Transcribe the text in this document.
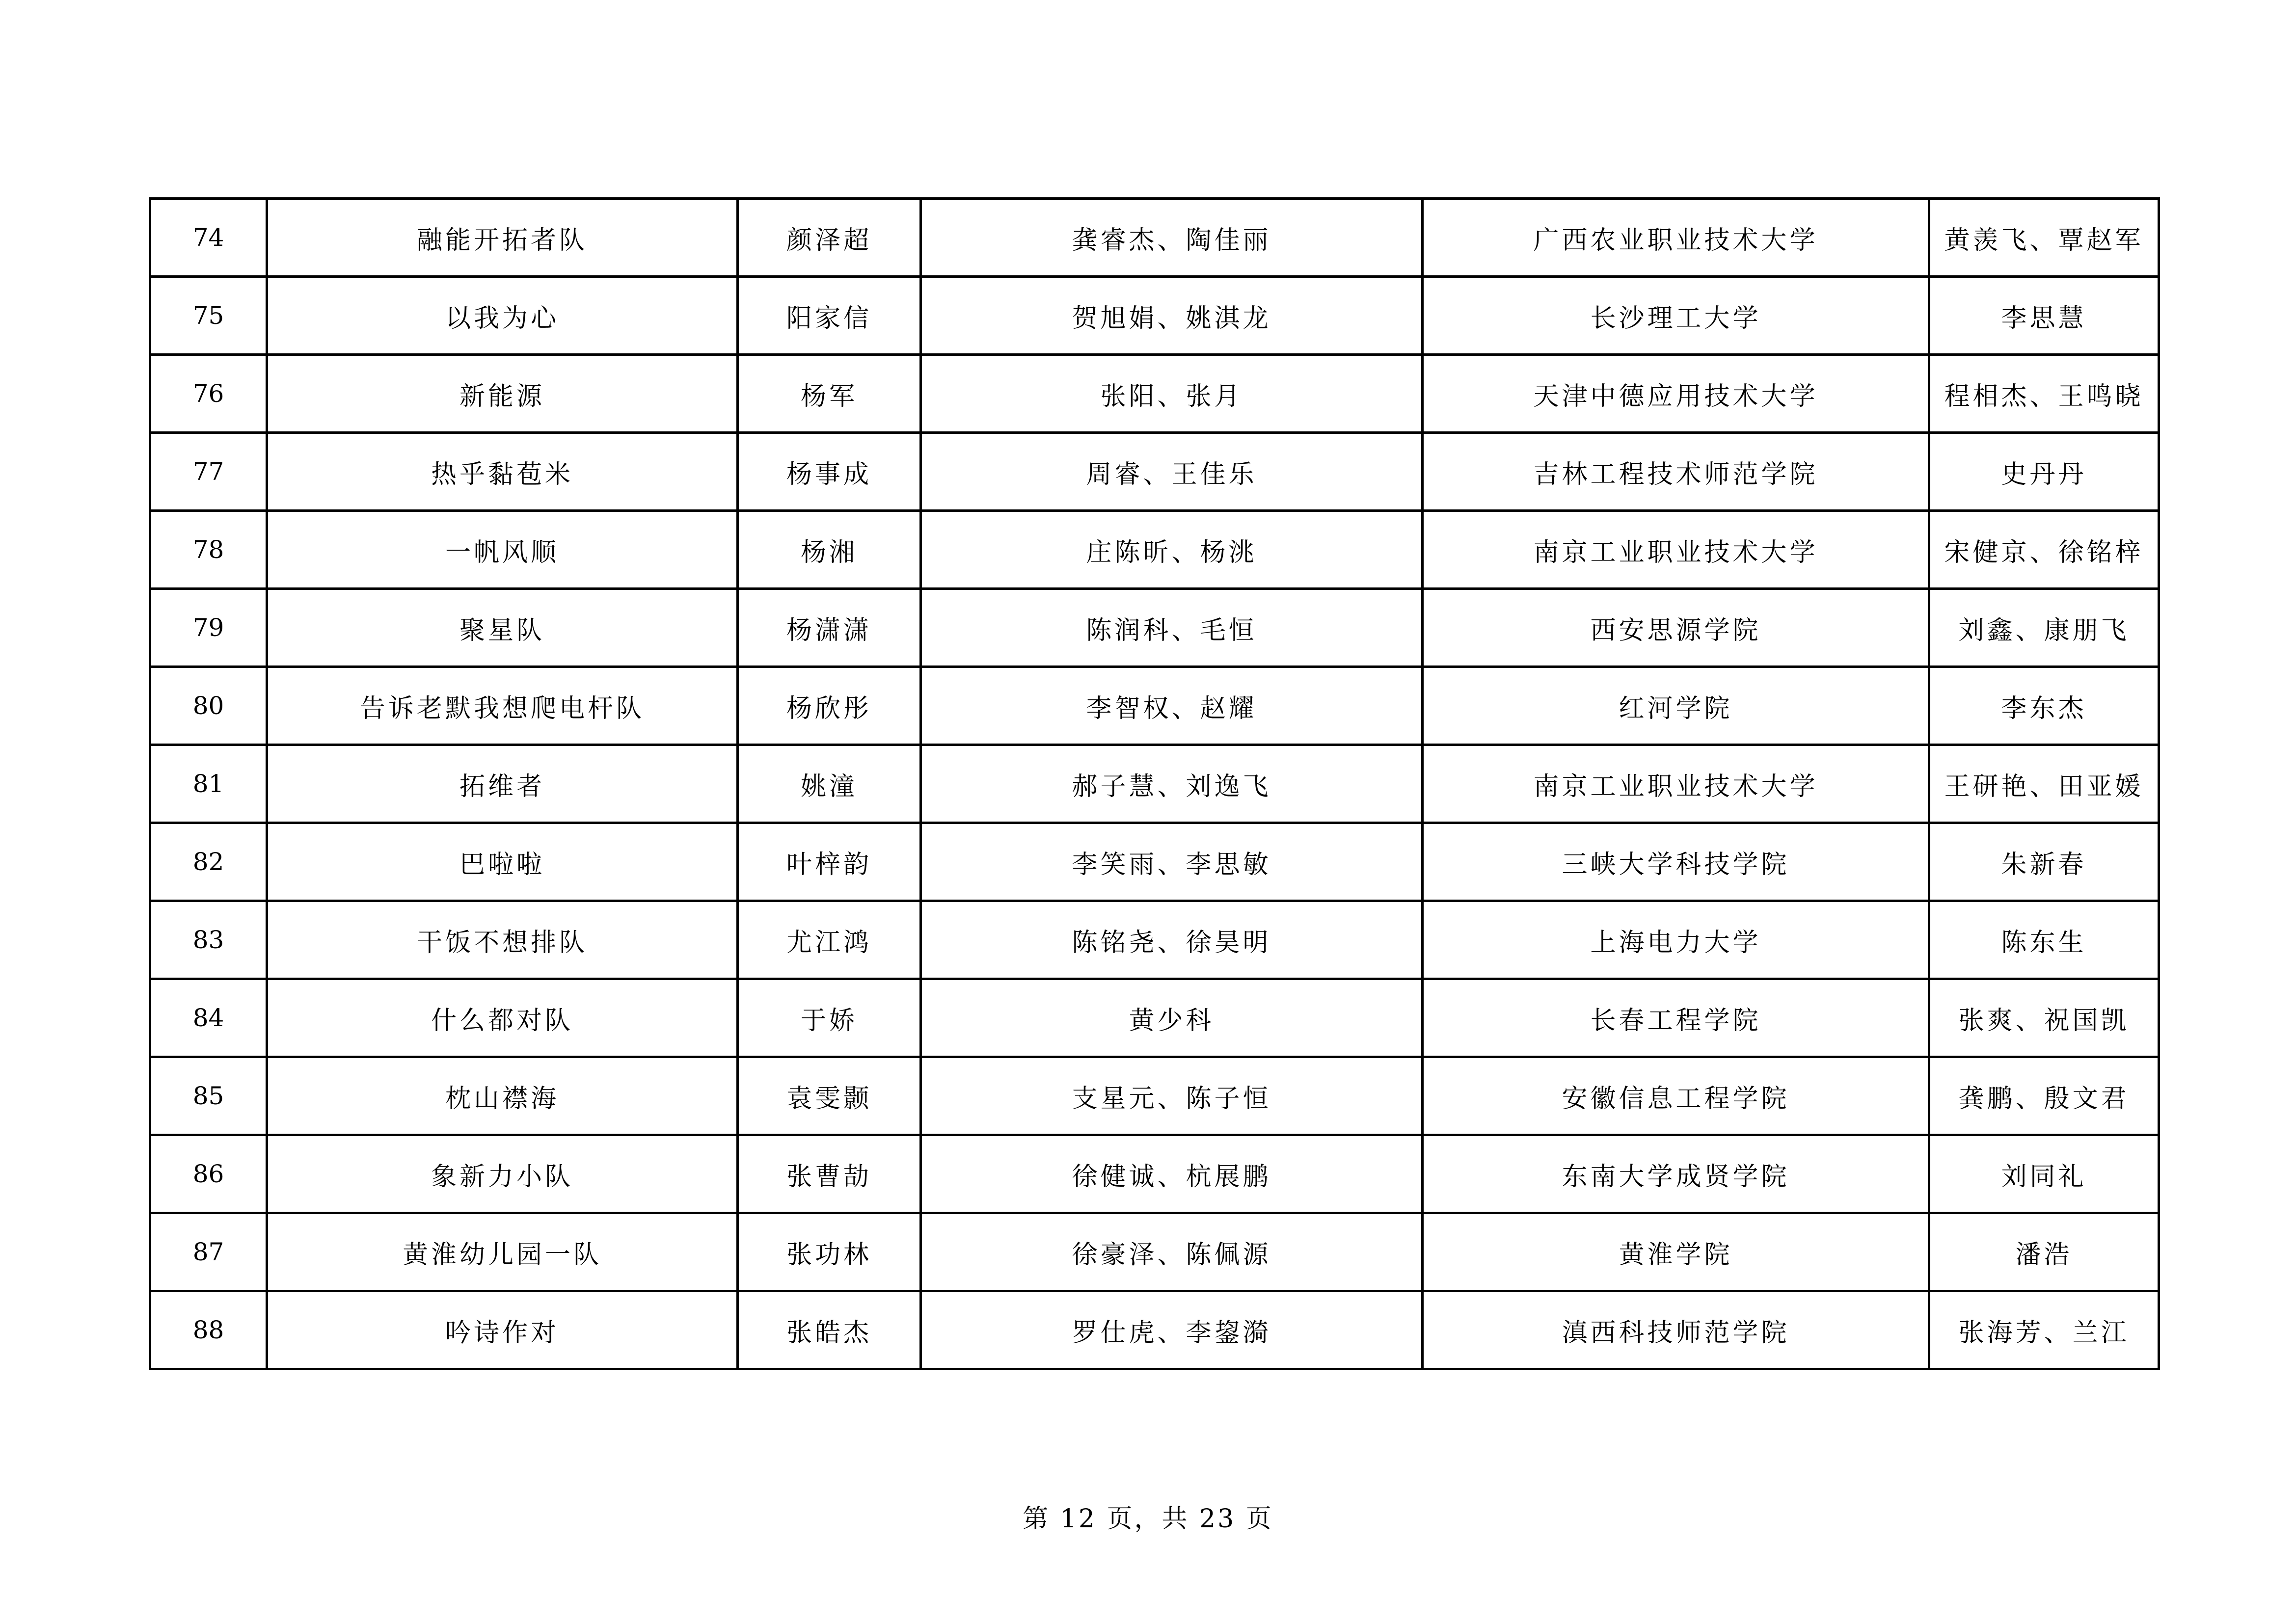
74	融能开拓者队	颜泽超	龚睿杰、陶佳丽	广西农业职业技术大学	黄羡飞、覃赵军
75	以我为心	阳家信	贺旭娟、姚淇龙	长沙理工大学	李思慧
76	新能源	杨军	张阳、张月	天津中德应用技术大学	程相杰、王鸣晓
77	热乎黏苞米	杨事成	周睿、王佳乐	吉林工程技术师范学院	史丹丹
78	一帆风顺	杨湘	庄陈昕、杨洮	南京工业职业技术大学	宋健京、徐铭梓
79	聚星队	杨潇潇	陈润科、毛恒	西安思源学院	刘鑫、康朋飞
80	告诉老默我想爬电杆队	杨欣彤	李智权、赵耀	红河学院	李东杰
81	拓维者	姚潼	郝子慧、刘逸飞	南京工业职业技术大学	王研艳、田亚媛
82	巴啦啦	叶梓韵	李笑雨、李思敏	三峡大学科技学院	朱新春
83	干饭不想排队	尤江鸿	陈铭尧、徐昊明	上海电力大学	陈东生
84	什么都对队	于娇	黄少科	长春工程学院	张爽、祝国凯
85	枕山襟海	袁雯颢	支星元、陈子恒	安徽信息工程学院	龚鹏、殷文君
86	象新力小队	张曹劼	徐健诚、杭展鹏	东南大学成贤学院	刘同礼
87	黄淮幼儿园一队	张功林	徐豪泽、陈佩源	黄淮学院	潘浩
88	吟诗作对	张皓杰	罗仕虎、李鋆漪	滇西科技师范学院	张海芳、兰江
第 12 页，共 23 页
